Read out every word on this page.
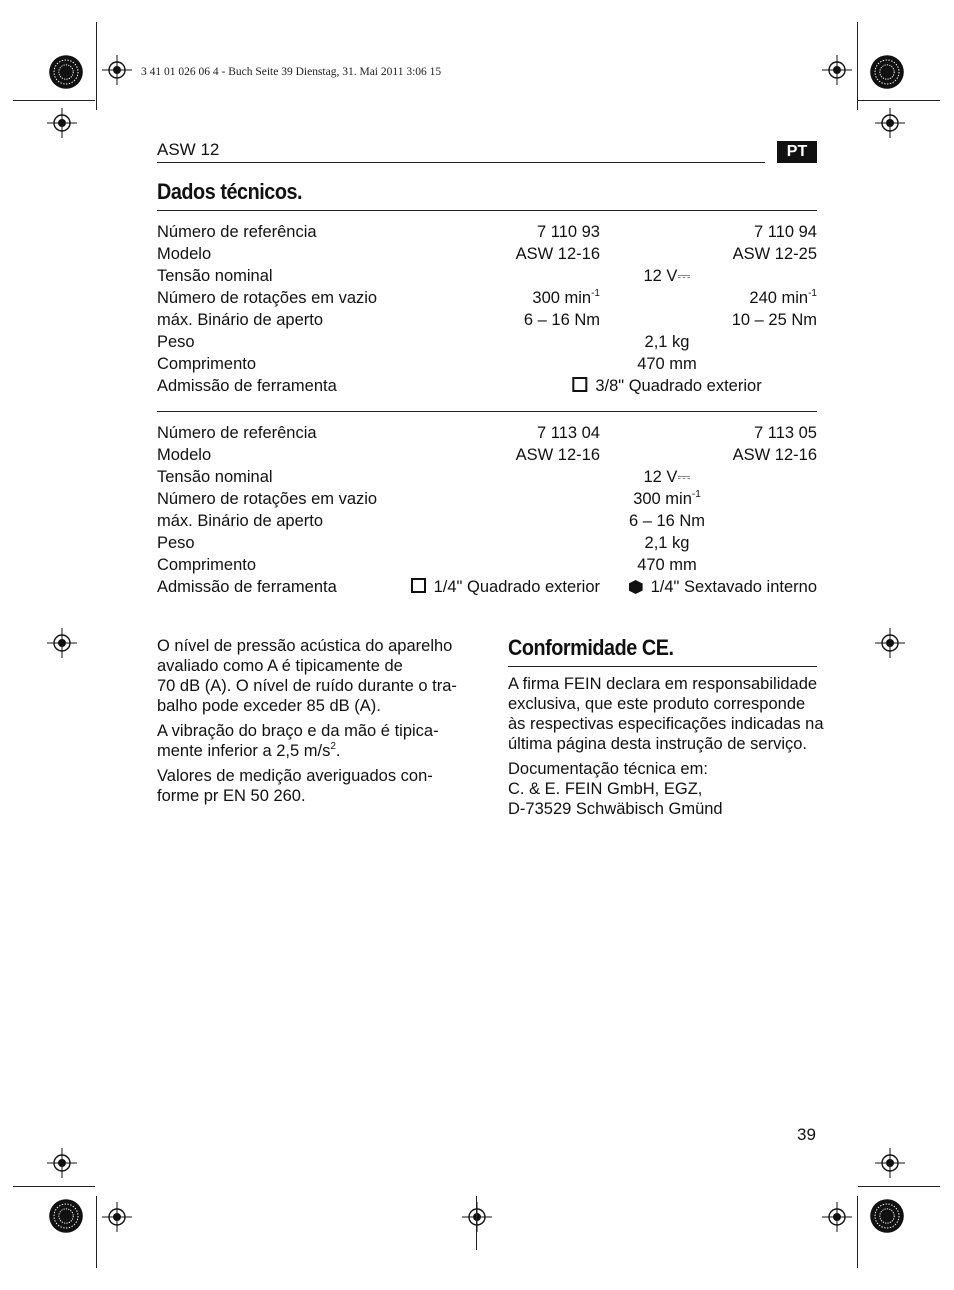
3 41 01 026 06 4 - Buch Seite 39 Dienstag, 31. Mai 2011 3:06 15
ASW 12	PT
Dados técnicos.
Número de referência	7 110 93	7 110 94
Modelo	ASW 12-16	ASW 12-25
Tensão nominal	12 V⎓
Número de rotações em vazio	300 $\min^{-1}$	240 $\min^{-1}$
máx. Binário de aperto	6 – 16 Nm	10 – 25 Nm
Peso	2,1 kg
Comprimento	470 mm
Admissão de ferramenta	3/8" Quadrado exterior
Número de referência	7 113 04	7 113 05
Modelo	ASW 12-16	ASW 12-16
Tensão nominal	12 V⎓
Número de rotações em vazio	300 $\min^{-1}$
máx. Binário de aperto	6 – 16 Nm
Peso	2,1 kg
Comprimento	470 mm
Admissão de ferramenta	1/4" Quadrado exterior	1/4" Sextavado interno

O nível de pressão acústica do aparelho
avaliado como A é tipicamente de
70 dB (A). O nível de ruído durante o tra-
balho pode exceder 85 dB (A).

A vibração do braço e da mão é tipica-
mente inferior a 2,5 $m/s^2$.

Valores de medição averiguados con-
forme pr EN 50 260.

Conformidade CE.

A firma FEIN declara em responsabilidade
exclusiva, que este produto corresponde
às respectivas especificações indicadas na
última página desta instrução de serviço.

Documentação técnica em:
C. & E. FEIN GmbH, EGZ,
D-73529 Schwäbisch Gmünd

39
